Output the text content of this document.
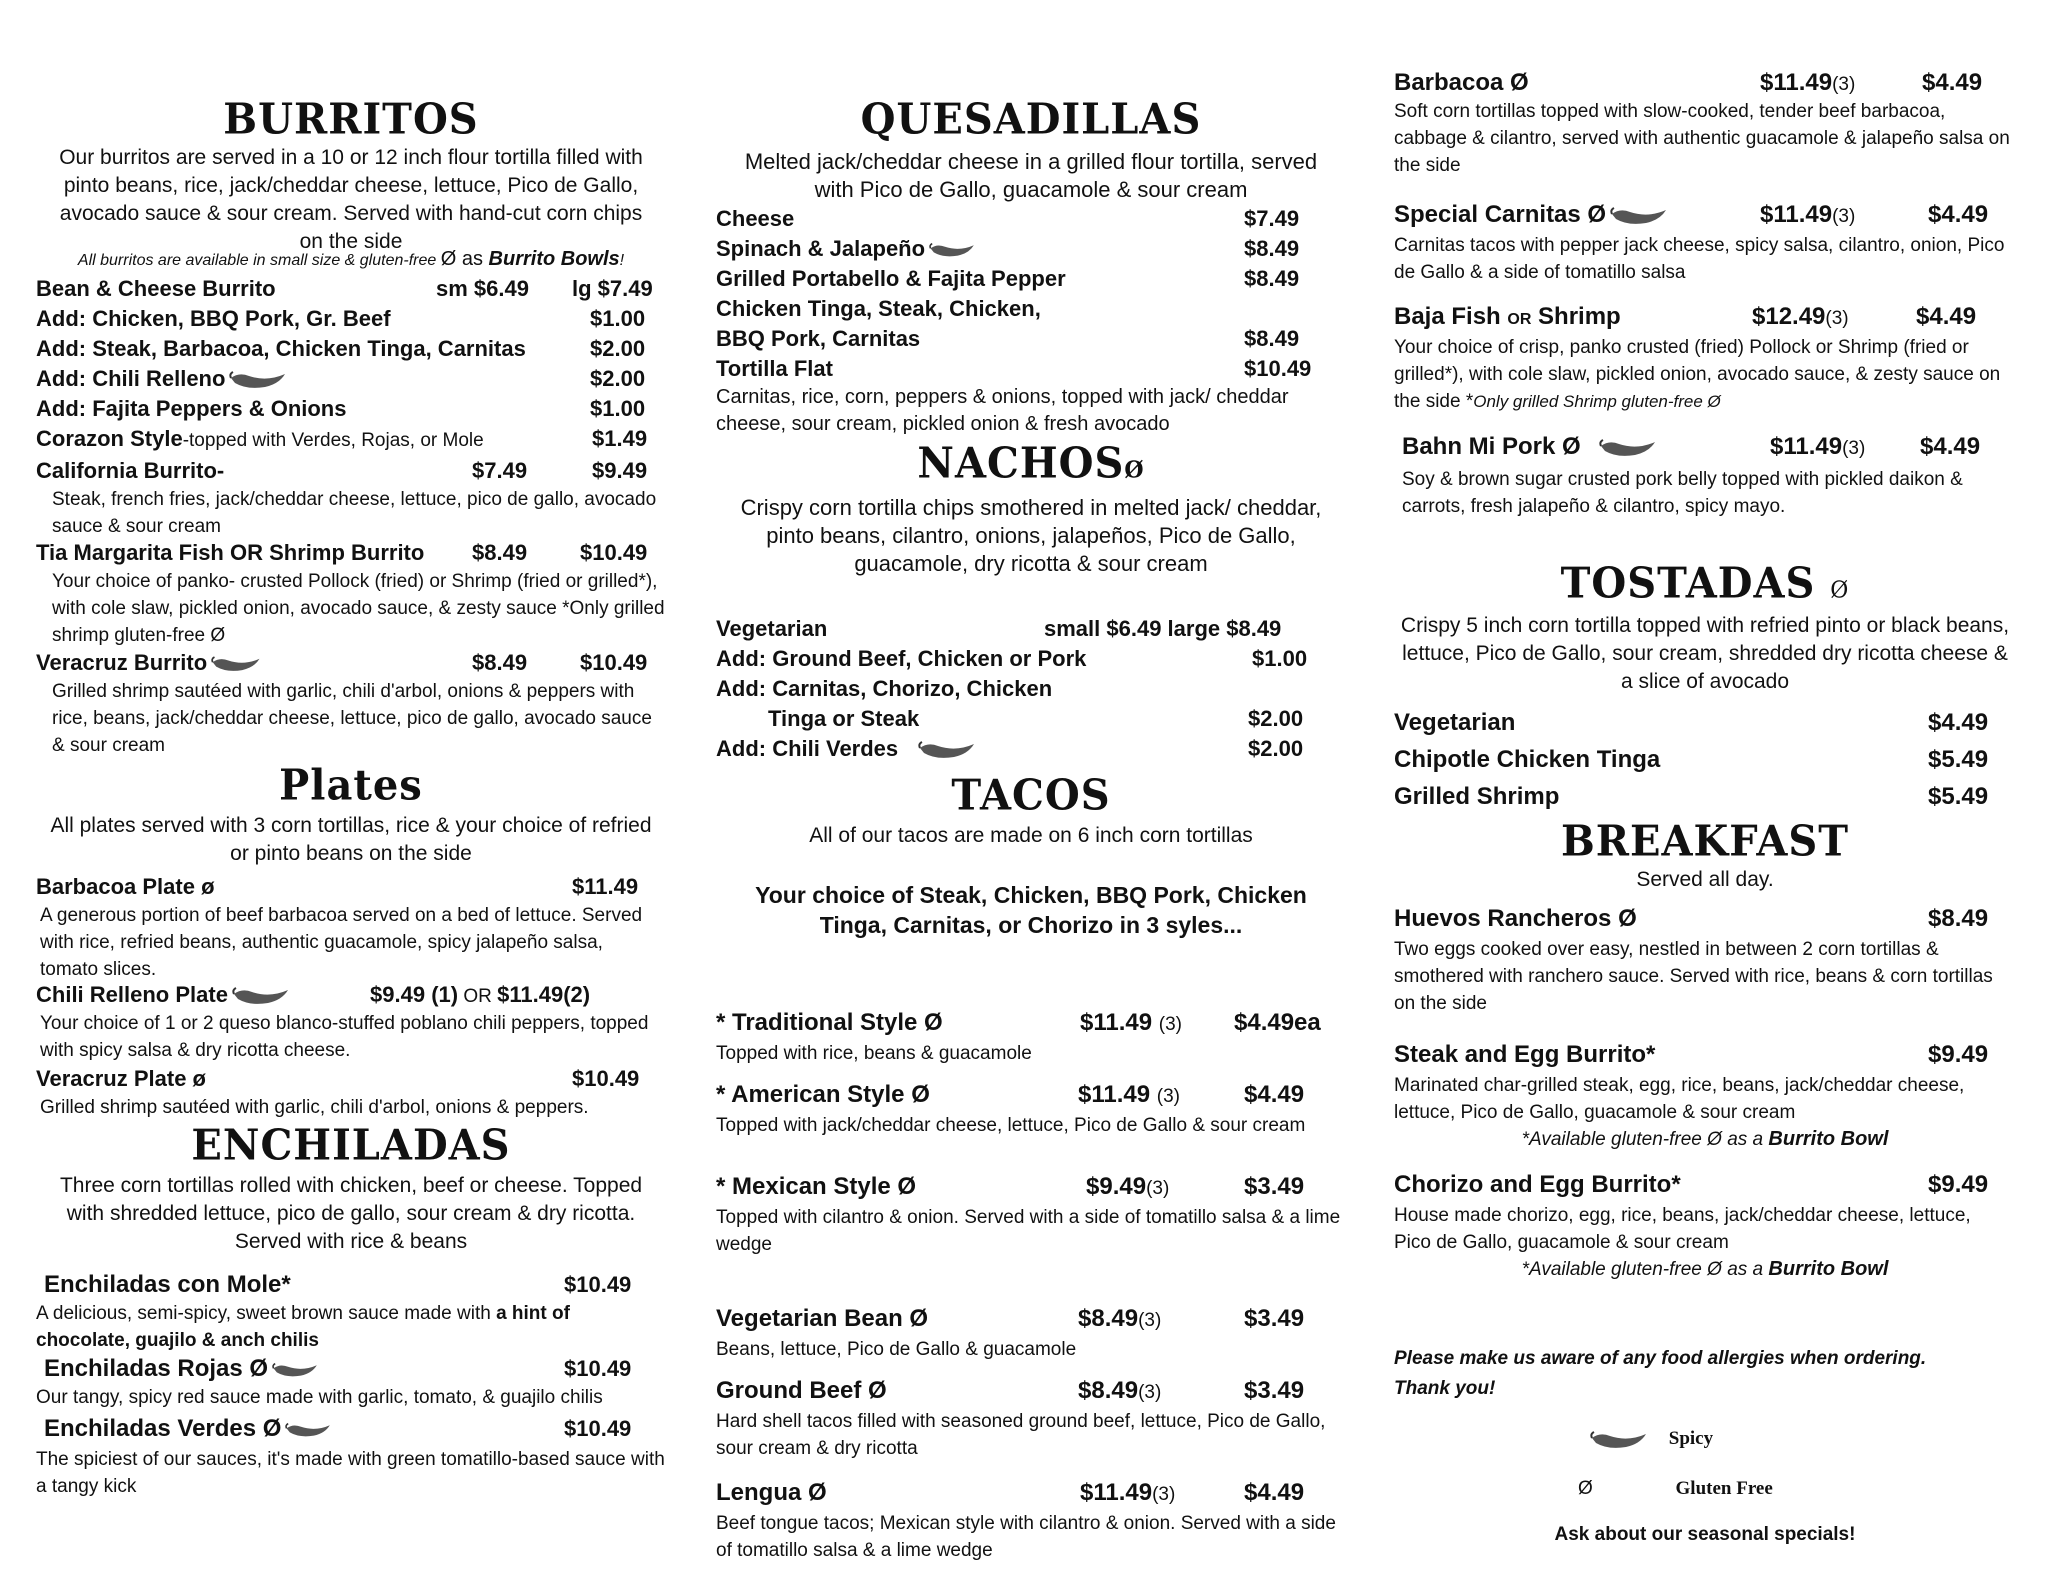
BURRITOS
Our burritos are served in a 10 or 12 inch flour tortilla filled with pinto beans, rice, jack/cheddar cheese, lettuce, Pico de Gallo, avocado sauce & sour cream. Served with hand-cut corn chips on the side
All burritos are available in small size & gluten-free Ø as Burrito Bowls!
Bean & Cheese Burrito	sm $6.49 lg $7.49
Add: Chicken, BBQ Pork, Gr. Beef	$1.00
Add: Steak, Barbacoa, Chicken Tinga, Carnitas	$2.00
Add: Chili Relleno	$2.00
Add: Fajita Peppers & Onions	$1.00
Corazon Style-topped with Verdes, Rojas, or Mole	$1.49
California Burrito-	$7.49	$9.49
Steak, french fries, jack/cheddar cheese, lettuce, pico de gallo, avocado sauce & sour cream
Tia Margarita Fish OR Shrimp Burrito $8.49 $10.49
Your choice of panko- crusted Pollock (fried) or Shrimp (fried or grilled*), with cole slaw, pickled onion, avocado sauce, & zesty sauce *Only grilled shrimp gluten-free Ø
Veracruz Burrito	$8.49 $10.49
Grilled shrimp sautéed with garlic, chili d'arbol, onions & peppers with rice, beans, jack/cheddar cheese, lettuce, pico de gallo, avocado sauce & sour cream
Plates
All plates served with 3 corn tortillas, rice & your choice of refried or pinto beans on the side
Barbacoa Plate ø	$11.49
A generous portion of beef barbacoa served on a bed of lettuce. Served with rice, refried beans, authentic guacamole, spicy jalapeño salsa, tomato slices.
Chili Relleno Plate	$9.49 (1) OR $11.49(2)
Your choice of 1 or 2 queso blanco-stuffed poblano chili peppers, topped with spicy salsa & dry ricotta cheese.
Veracruz Plate ø	$10.49
Grilled shrimp sautéed with garlic, chili d'arbol, onions & peppers.
ENCHILADAS
Three corn tortillas rolled with chicken, beef or cheese. Topped with shredded lettuce, pico de gallo, sour cream & dry ricotta. Served with rice & beans
Enchiladas con Mole*	$10.49
A delicious, semi-spicy, sweet brown sauce made with a hint of chocolate, guajilo & anch chilis
Enchiladas Rojas Ø	$10.49
Our tangy, spicy red sauce made with garlic, tomato, & guajilo chilis
Enchiladas Verdes Ø	$10.49
The spiciest of our sauces, it's made with green tomatillo-based sauce with a tangy kick
QUESADILLAS
Melted jack/cheddar cheese in a grilled flour tortilla, served with Pico de Gallo, guacamole & sour cream
Cheese	$7.49
Spinach & Jalapeño	$8.49
Grilled Portabello & Fajita Pepper	$8.49
Chicken Tinga, Steak, Chicken,
BBQ Pork, Carnitas	$8.49
Tortilla Flat	$10.49
Carnitas, rice, corn, peppers & onions, topped with jack/ cheddar cheese, sour cream, pickled onion & fresh avocado
NACHOSØ
Crispy corn tortilla chips smothered in melted jack/ cheddar, pinto beans, cilantro, onions, jalapeños, Pico de Gallo, guacamole, dry ricotta & sour cream
Vegetarian	small $6.49 large $8.49
Add: Ground Beef, Chicken or Pork	$1.00
Add: Carnitas, Chorizo, Chicken
Tinga or Steak	$2.00
Add: Chili Verdes	$2.00
TACOS
All of our tacos are made on 6 inch corn tortillas
Your choice of Steak, Chicken, BBQ Pork, Chicken Tinga, Carnitas, or Chorizo in 3 syles...
* Traditional Style Ø	$11.49 (3) $4.49ea
Topped with rice, beans & guacamole
* American Style Ø	$11.49 (3)	$4.49
Topped with jack/cheddar cheese, lettuce, Pico de Gallo & sour cream
* Mexican Style Ø	$9.49(3)	$3.49
Topped with cilantro & onion. Served with a side of tomatillo salsa & a lime wedge
Vegetarian Bean Ø	$8.49(3)	$3.49
Beans, lettuce, Pico de Gallo & guacamole
Ground Beef Ø	$8.49(3)	$3.49
Hard shell tacos filled with seasoned ground beef, lettuce, Pico de Gallo, sour cream & dry ricotta
Lengua Ø	$11.49(3)	$4.49
Beef tongue tacos; Mexican style with cilantro & onion. Served with a side of tomatillo salsa & a lime wedge
Barbacoa Ø	$11.49(3)	$4.49
Soft corn tortillas topped with slow-cooked, tender beef barbacoa, cabbage & cilantro, served with authentic guacamole & jalapeño salsa on the side
Special Carnitas Ø	$11.49(3)	$4.49
Carnitas tacos with pepper jack cheese, spicy salsa, cilantro, onion, Pico de Gallo & a side of tomatillo salsa
Baja Fish OR Shrimp	$12.49(3)	$4.49
Your choice of crisp, panko crusted (fried) Pollock or Shrimp (fried or grilled*), with cole slaw, pickled onion, avocado sauce, & zesty sauce on the side *Only grilled Shrimp gluten-free Ø
Bahn Mi Pork Ø	$11.49(3) $4.49
Soy & brown sugar crusted pork belly topped with pickled daikon & carrots, fresh jalapeño & cilantro, spicy mayo.
TOSTADAS Ø
Crispy 5 inch corn tortilla topped with refried pinto or black beans, lettuce, Pico de Gallo, sour cream, shredded dry ricotta cheese & a slice of avocado
Vegetarian	$4.49
Chipotle Chicken Tinga	$5.49
Grilled Shrimp	$5.49
BREAKFAST
Served all day.
Huevos Rancheros Ø	$8.49
Two eggs cooked over easy, nestled in between 2 corn tortillas & smothered with ranchero sauce. Served with rice, beans & corn tortillas on the side
Steak and Egg Burrito*	$9.49
Marinated char-grilled steak, egg, rice, beans, jack/cheddar cheese, lettuce, Pico de Gallo, guacamole & sour cream
*Available gluten-free Ø as a Burrito Bowl
Chorizo and Egg Burrito*	$9.49
House made chorizo, egg, rice, beans, jack/cheddar cheese, lettuce, Pico de Gallo, guacamole & sour cream
*Available gluten-free Ø as a Burrito Bowl
Please make us aware of any food allergies when ordering. Thank you!
Spicy
Ø	Gluten Free
Ask about our seasonal specials!
